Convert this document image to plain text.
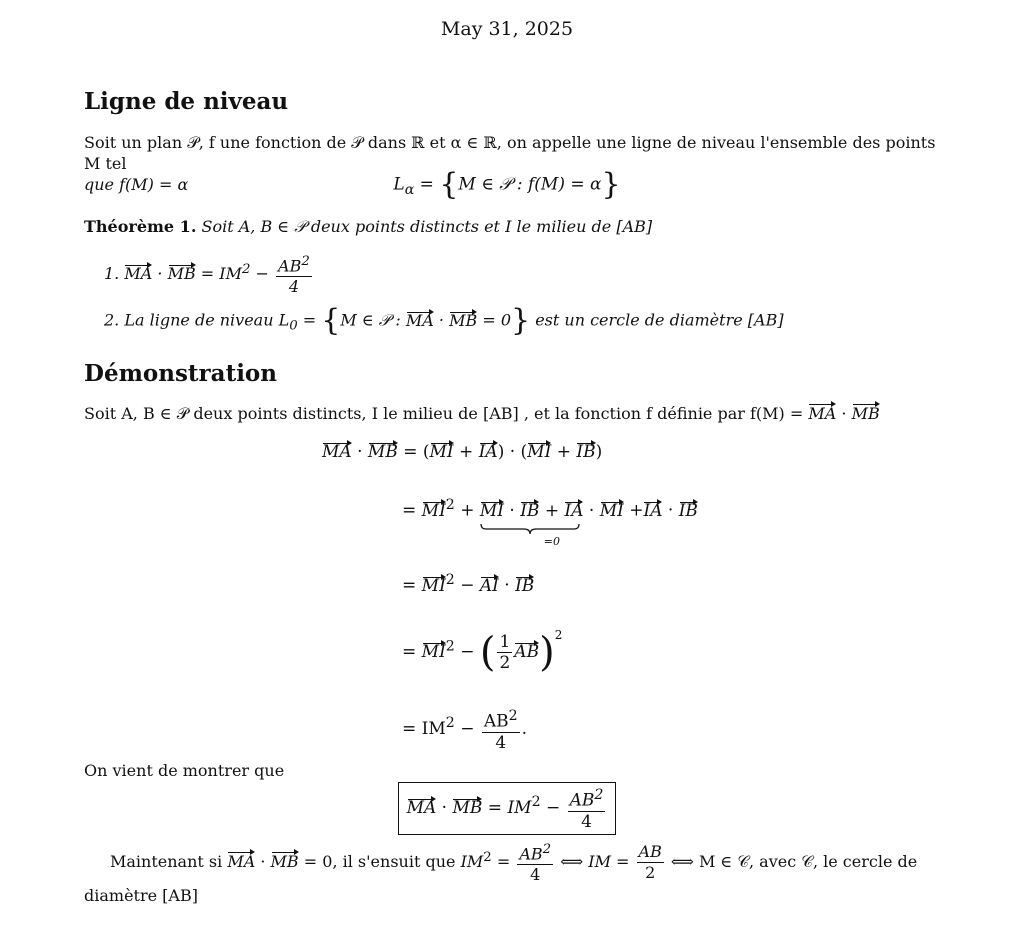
May 31, 2025
Ligne de niveau
Soit un plan 𝒫, f une fonction de 𝒫 dans ℝ et α ∈ ℝ, on appelle une ligne de niveau l'ensemble des points M tel
que f(M) = α	$L_\alpha = \{M$ ∈ 𝒫 : f(M) = α}
Théorème 1. Soit A, B ∈ 𝒫 deux points distincts et I le milieu de [AB]
1. MA · MB = $IM^2 - \frac{AB^2}{4}$
2. La ligne de niveau $L_0 = \{M$ ∈ 𝒫 : MA · MB = 0} est un cercle de diamètre [AB]
Démonstration
Soit A, B ∈ 𝒫 deux points distincts, I le milieu de [AB] , et la fonction f définie par f(M) = MA · MB
MA · MB = (MI + IA) · (MI + IB)
= $MI^2$ + MI · IB + IA · MI
=0
+IA · IB
= $MI^2$ − AI · IB
= $MI^2$ − ( $\frac{1}{2} AB)^2$
= $IM^2 - \frac{AB^2}{4}$ .
On vient de montrer que
MA · MB = $IM^2 - \frac{AB^2}{4}$
Maintenant si MA · MB = 0, il s'ensuit que $IM^2 = \frac{AB^2}{4}$ ⟺ IM = $\frac{AB}{2}$ ⟺ M ∈ 𝒞, avec 𝒞, le cercle de
diamètre [AB]
